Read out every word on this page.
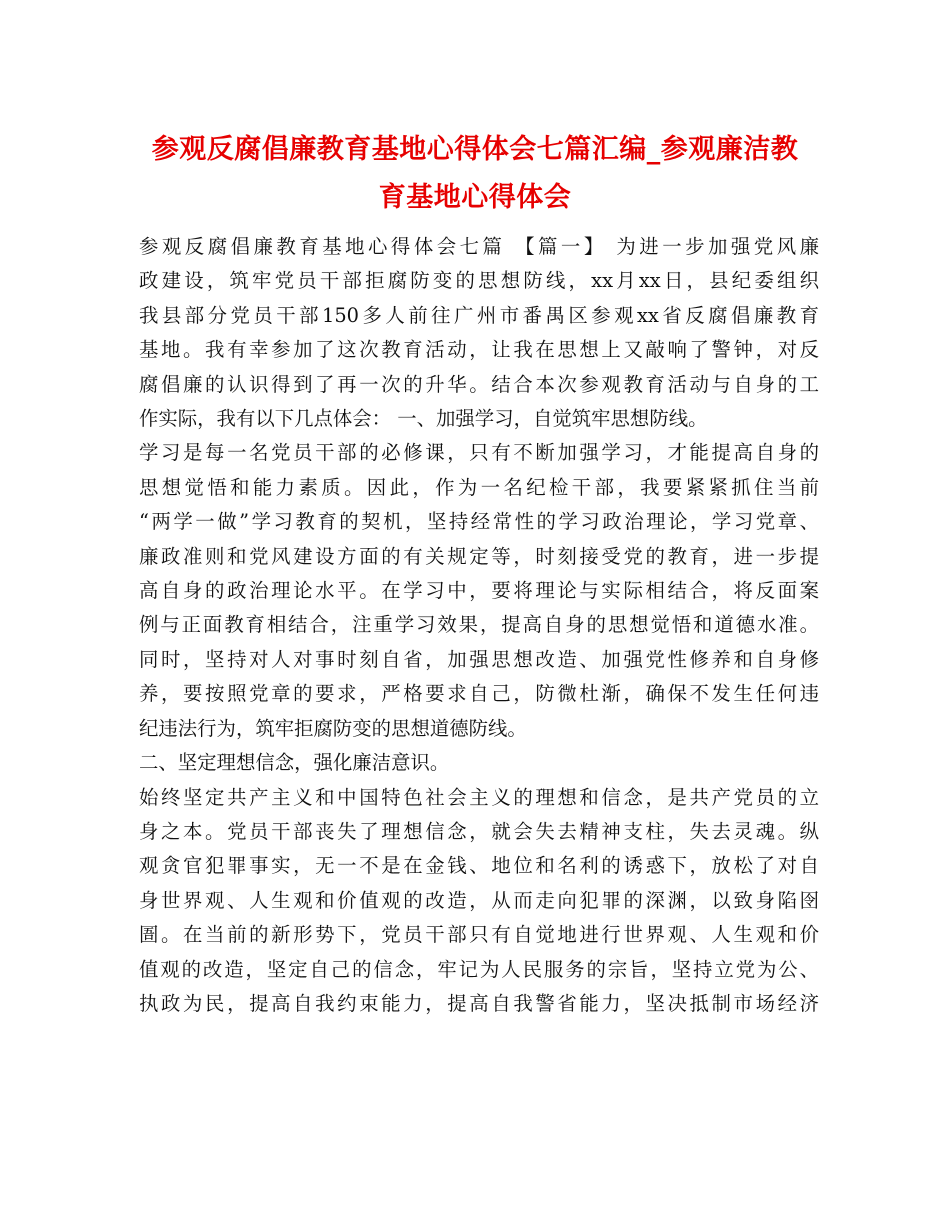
参观反腐倡廉教育基地心得体会七篇汇编_参观廉洁教
育基地心得体会
参观反腐倡廉教育基地心得体会七篇 【篇一】 为进一步加强党风廉
政建设，筑牢党员干部拒腐防变的思想防线，xx月xx日，县纪委组织
我县部分党员干部150多人前往广州市番禺区参观xx省反腐倡廉教育
基地。我有幸参加了这次教育活动，让我在思想上又敲响了警钟，对反
腐倡廉的认识得到了再一次的升华。结合本次参观教育活动与自身的工
作实际，我有以下几点体会： 一、加强学习，自觉筑牢思想防线。
学习是每一名党员干部的必修课，只有不断加强学习，才能提高自身的
思想觉悟和能力素质。因此，作为一名纪检干部，我要紧紧抓住当前
“两学一做”学习教育的契机，坚持经常性的学习政治理论，学习党章、
廉政准则和党风建设方面的有关规定等，时刻接受党的教育，进一步提
高自身的政治理论水平。在学习中，要将理论与实际相结合，将反面案
例与正面教育相结合，注重学习效果，提高自身的思想觉悟和道德水准。
同时，坚持对人对事时刻自省，加强思想改造、加强党性修养和自身修
养，要按照党章的要求，严格要求自己，防微杜渐，确保不发生任何违
纪违法行为，筑牢拒腐防变的思想道德防线。
二、坚定理想信念，强化廉洁意识。
始终坚定共产主义和中国特色社会主义的理想和信念，是共产党员的立
身之本。党员干部丧失了理想信念，就会失去精神支柱，失去灵魂。纵
观贪官犯罪事实，无一不是在金钱、地位和名利的诱惑下，放松了对自
身世界观、人生观和价值观的改造，从而走向犯罪的深渊，以致身陷囹
圄。在当前的新形势下，党员干部只有自觉地进行世界观、人生观和价
值观的改造，坚定自己的信念，牢记为人民服务的宗旨，坚持立党为公、
执政为民，提高自我约束能力，提高自我警省能力，坚决抵制市场经济
